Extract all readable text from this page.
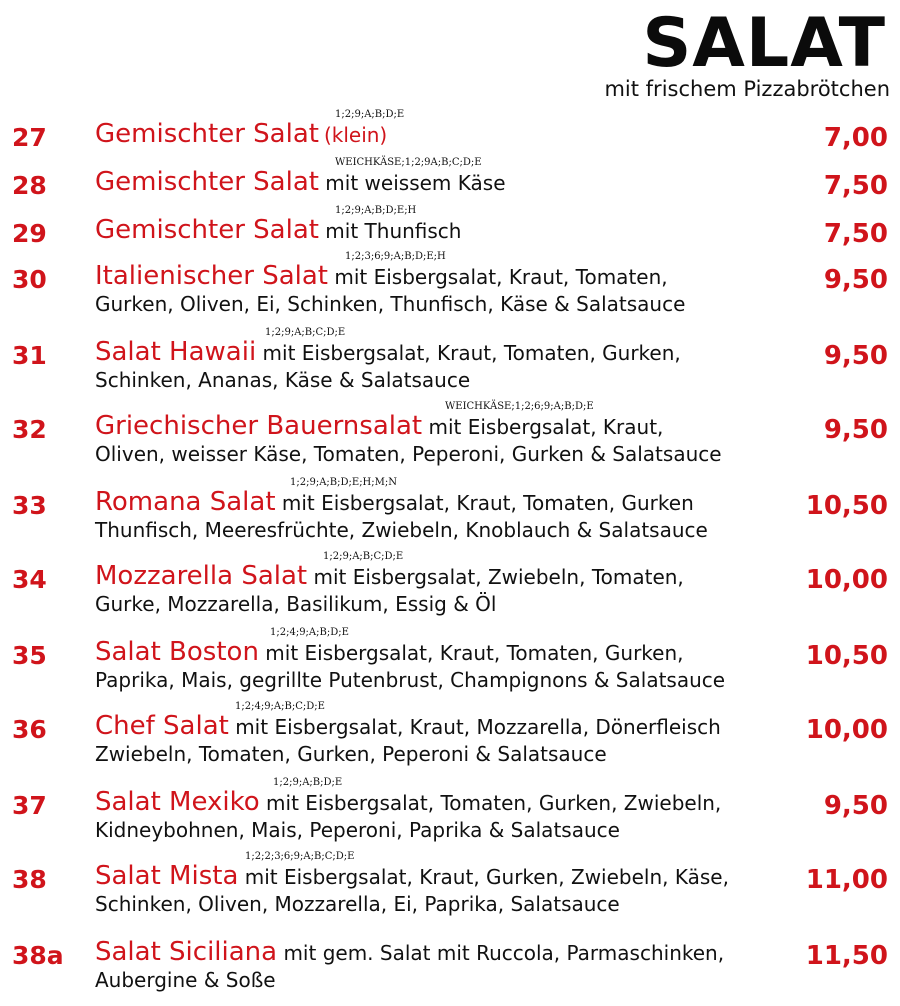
SALAT
mit frischem Pizzabrötchen
27
1;2;9;A;B;D;E
Gemischter Salat (klein)	7,00
28
WEICHKÄSE;1;2;9A;B;C;D;E
Gemischter Salat mit weissem Käse	7,50
29
1;2;9;A;B;D;E;H
Gemischter Salat mit Thunfisch	7,50
30
1;2;3;6;9;A;B;D;E;H
Italienischer Salat mit Eisbergsalat, Kraut, Tomaten,
Gurken, Oliven, Ei, Schinken, Thunfisch, Käse & Salatsauce
9,50
31
1;2;9;A;B;C;D;E
Salat Hawaii mit Eisbergsalat, Kraut, Tomaten, Gurken,
Schinken, Ananas, Käse & Salatsauce
9,50
32
WEICHKÄSE;1;2;6;9;A;B;D;E
Griechischer Bauernsalat mit Eisbergsalat, Kraut,
Oliven, weisser Käse, Tomaten, Peperoni, Gurken & Salatsauce
9,50
33
1;2;9;A;B;D;E;H;M;N
Romana Salat mit Eisbergsalat, Kraut, Tomaten, Gurken
Thunfisch, Meeresfrüchte, Zwiebeln, Knoblauch & Salatsauce
10,50
34
1;2;9;A;B;C;D;E
Mozzarella Salat mit Eisbergsalat, Zwiebeln, Tomaten,
Gurke, Mozzarella, Basilikum, Essig & Öl
10,00
35
1;2;4;9;A;B;D;E
Salat Boston mit Eisbergsalat, Kraut, Tomaten, Gurken,
Paprika, Mais, gegrillte Putenbrust, Champignons & Salatsauce
10,50
36
1;2;4;9;A;B;C;D;E
Chef Salat mit Eisbergsalat, Kraut, Mozzarella, Dönerfleisch
Zwiebeln, Tomaten, Gurken, Peperoni & Salatsauce
10,00
37
1;2;9;A;B;D;E
Salat Mexiko mit Eisbergsalat, Tomaten, Gurken, Zwiebeln,
Kidneybohnen, Mais, Peperoni, Paprika & Salatsauce
9,50
38
1;2;2;3;6;9;A;B;C;D;E
Salat Mista mit Eisbergsalat, Kraut, Gurken, Zwiebeln, Käse,
Schinken, Oliven, Mozzarella, Ei, Paprika, Salatsauce
11,00
38a Salat Siciliana mit gem. Salat mit Ruccola, Parmaschinken,
Aubergine & Soße
11,50
